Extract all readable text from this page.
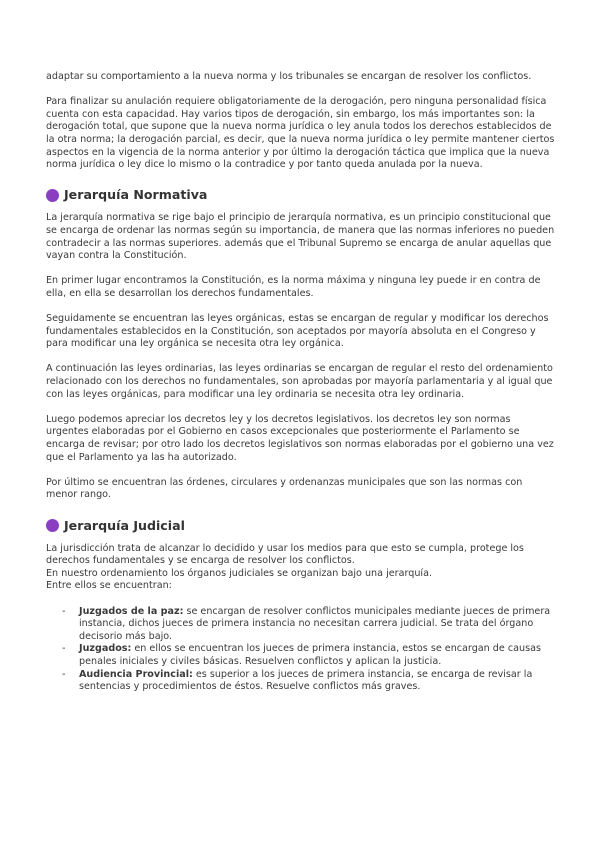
adaptar su comportamiento a la nueva norma y los tribunales se encargan de resolver los conflictos.

Para finalizar su anulación requiere obligatoriamente de la derogación, pero ninguna personalidad física cuenta con esta capacidad. Hay varios tipos de derogación, sin embargo, los más importantes son: la derogación total, que supone que la nueva norma jurídica o ley anula todos los derechos establecidos de la otra norma; la derogación parcial, es decir, que la nueva norma jurídica o ley permite mantener ciertos aspectos en la vigencia de la norma anterior y por último la derogación táctica que implica que la nueva norma jurídica o ley dice lo mismo o la contradice y por tanto queda anulada por la nueva.

Jerarquía Normativa

La jerarquía normativa se rige bajo el principio de jerarquía normativa, es un principio constitucional que se encarga de ordenar las normas según su importancia, de manera que las normas inferiores no pueden contradecir a las normas superiores. además que el Tribunal Supremo se encarga de anular aquellas que vayan contra la Constitución.

En primer lugar encontramos la Constitución, es la norma máxima y ninguna ley puede ir en contra de ella, en ella se desarrollan los derechos fundamentales.

Seguidamente se encuentran las leyes orgánicas, estas se encargan de regular y modificar los derechos fundamentales establecidos en la Constitución, son aceptados por mayoría absoluta en el Congreso y para modificar una ley orgánica se necesita otra ley orgánica.

A continuación las leyes ordinarias, las leyes ordinarias se encargan de regular el resto del ordenamiento relacionado con los derechos no fundamentales, son aprobadas por mayoría parlamentaria y al igual que con las leyes orgánicas, para modificar una ley ordinaria se necesita otra ley ordinaria.

Luego podemos apreciar los decretos ley y los decretos legislativos. los decretos ley son normas urgentes elaboradas por el Gobierno en casos excepcionales que posteriormente el Parlamento se encarga de revisar; por otro lado los decretos legislativos son normas elaboradas por el gobierno una vez que el Parlamento ya las ha autorizado.

Por último se encuentran las órdenes, circulares y ordenanzas municipales que son las normas con menor rango.

Jerarquía Judicial

La jurisdicción trata de alcanzar lo decidido y usar los medios para que esto se cumpla, protege los derechos fundamentales y se encarga de resolver los conflictos.

En nuestro ordenamiento los órganos judiciales se organizan bajo una jerarquía.

Entre ellos se encuentran:

- Juzgados de la paz: se encargan de resolver conflictos municipales mediante jueces de primera instancia, dichos jueces de primera instancia no necesitan carrera judicial. Se trata del órgano decisorio más bajo.
- Juzgados: en ellos se encuentran los jueces de primera instancia, estos se encargan de causas penales iniciales y civiles básicas. Resuelven conflictos y aplican la justicia.
- Audiencia Provincial: es superior a los jueces de primera instancia, se encarga de revisar la sentencias y procedimientos de éstos. Resuelve conflictos más graves.
